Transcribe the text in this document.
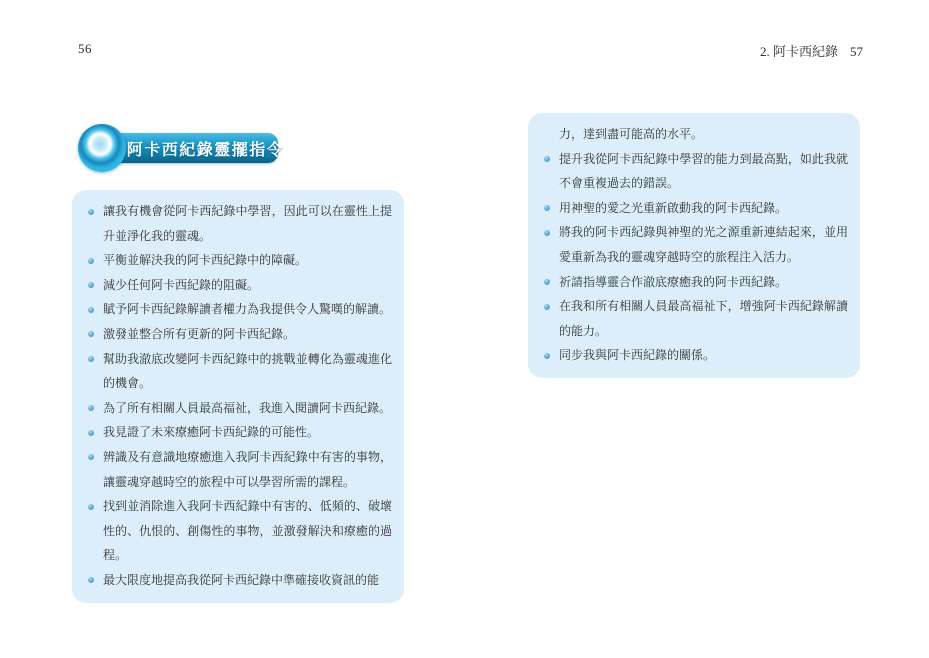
56	2. 阿卡西紀錄 57
阿卡西紀錄靈擺指令
讓我有機會從阿卡西紀錄中學習，因此可以在靈性上提升並淨化我的靈魂。
平衡並解決我的阿卡西紀錄中的障礙。
減少任何阿卡西紀錄的阻礙。
賦予阿卡西紀錄解讀者權力為我提供令人驚嘆的解讀。
激發並整合所有更新的阿卡西紀錄。
幫助我澈底改變阿卡西紀錄中的挑戰並轉化為靈魂進化的機會。
為了所有相關人員最高福祉，我進入閱讀阿卡西紀錄。
我見證了未來療癒阿卡西紀錄的可能性。
辨識及有意識地療癒進入我阿卡西紀錄中有害的事物，讓靈魂穿越時空的旅程中可以學習所需的課程。
找到並消除進入我阿卡西紀錄中有害的、低頻的、破壞性的、仇恨的、創傷性的事物，並激發解決和療癒的過程。
最大限度地提高我從阿卡西紀錄中準確接收資訊的能

力，達到盡可能高的水平。

提升我從阿卡西紀錄中學習的能力到最高點，如此我就不會重複過去的錯誤。
用神聖的愛之光重新啟動我的阿卡西紀錄。
將我的阿卡西紀錄與神聖的光之源重新連結起來，並用愛重新為我的靈魂穿越時空的旅程注入活力。
祈請指導靈合作澈底療癒我的阿卡西紀錄。
在我和所有相關人員最高福祉下，增強阿卡西紀錄解讀的能力。
同步我與阿卡西紀錄的關係。
